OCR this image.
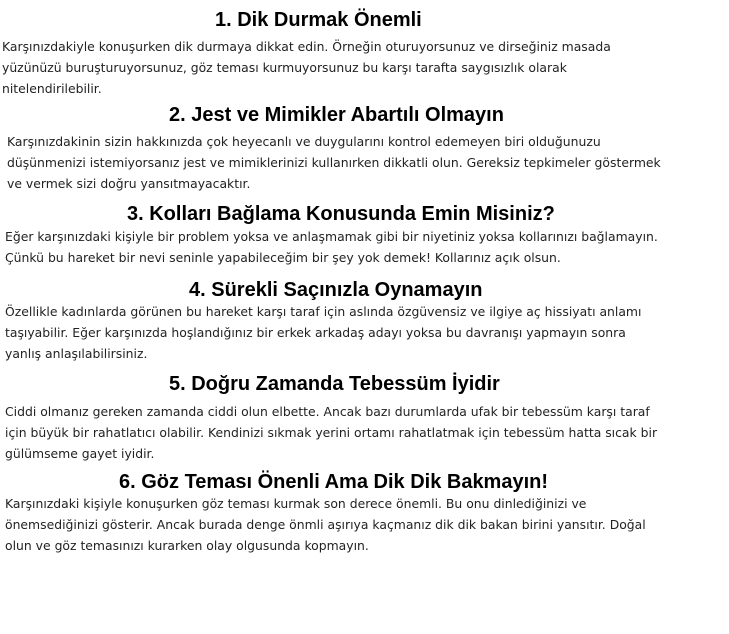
1. Dik Durmak Önemli

Karşınızdakiyle konuşurken dik durmaya dikkat edin. Örneğin oturuyorsunuz ve dirseğiniz masada
yüzünüzü buruşturuyorsunuz, göz teması kurmuyorsunuz bu karşı tarafta saygısızlık olarak
nitelendirilebilir.

2. Jest ve Mimikler Abartılı Olmayın

Karşınızdakinin sizin hakkınızda çok heyecanlı ve duygularını kontrol edemeyen biri olduğunuzu
düşünmenizi istemiyorsanız jest ve mimiklerinizi kullanırken dikkatli olun. Gereksiz tepkimeler göstermek
ve vermek sizi doğru yansıtmayacaktır.

3. Kolları Bağlama Konusunda Emin Misiniz?

Eğer karşınızdaki kişiyle bir problem yoksa ve anlaşmamak gibi bir niyetiniz yoksa kollarınızı bağlamayın.
Çünkü bu hareket bir nevi seninle yapabileceğim bir şey yok demek! Kollarınız açık olsun.

4. Sürekli Saçınızla Oynamayın

Özellikle kadınlarda görünen bu hareket karşı taraf için aslında özgüvensiz ve ilgiye aç hissiyatı anlamı
taşıyabilir. Eğer karşınızda hoşlandığınız bir erkek arkadaş adayı yoksa bu davranışı yapmayın sonra
yanlış anlaşılabilirsiniz.

5. Doğru Zamanda Tebessüm İyidir

Ciddi olmanız gereken zamanda ciddi olun elbette. Ancak bazı durumlarda ufak bir tebessüm karşı taraf
için büyük bir rahatlatıcı olabilir. Kendinizi sıkmak yerini ortamı rahatlatmak için tebessüm hatta sıcak bir
gülümseme gayet iyidir.

6. Göz Teması Önenli Ama Dik Dik Bakmayın!

Karşınızdaki kişiyle konuşurken göz teması kurmak son derece önemli. Bu onu dinlediğinizi ve
önemsediğinizi gösterir. Ancak burada denge önmli aşırıya kaçmanız dik dik bakan birini yansıtır. Doğal
olun ve göz temasınızı kurarken olay olgusunda kopmayın.
